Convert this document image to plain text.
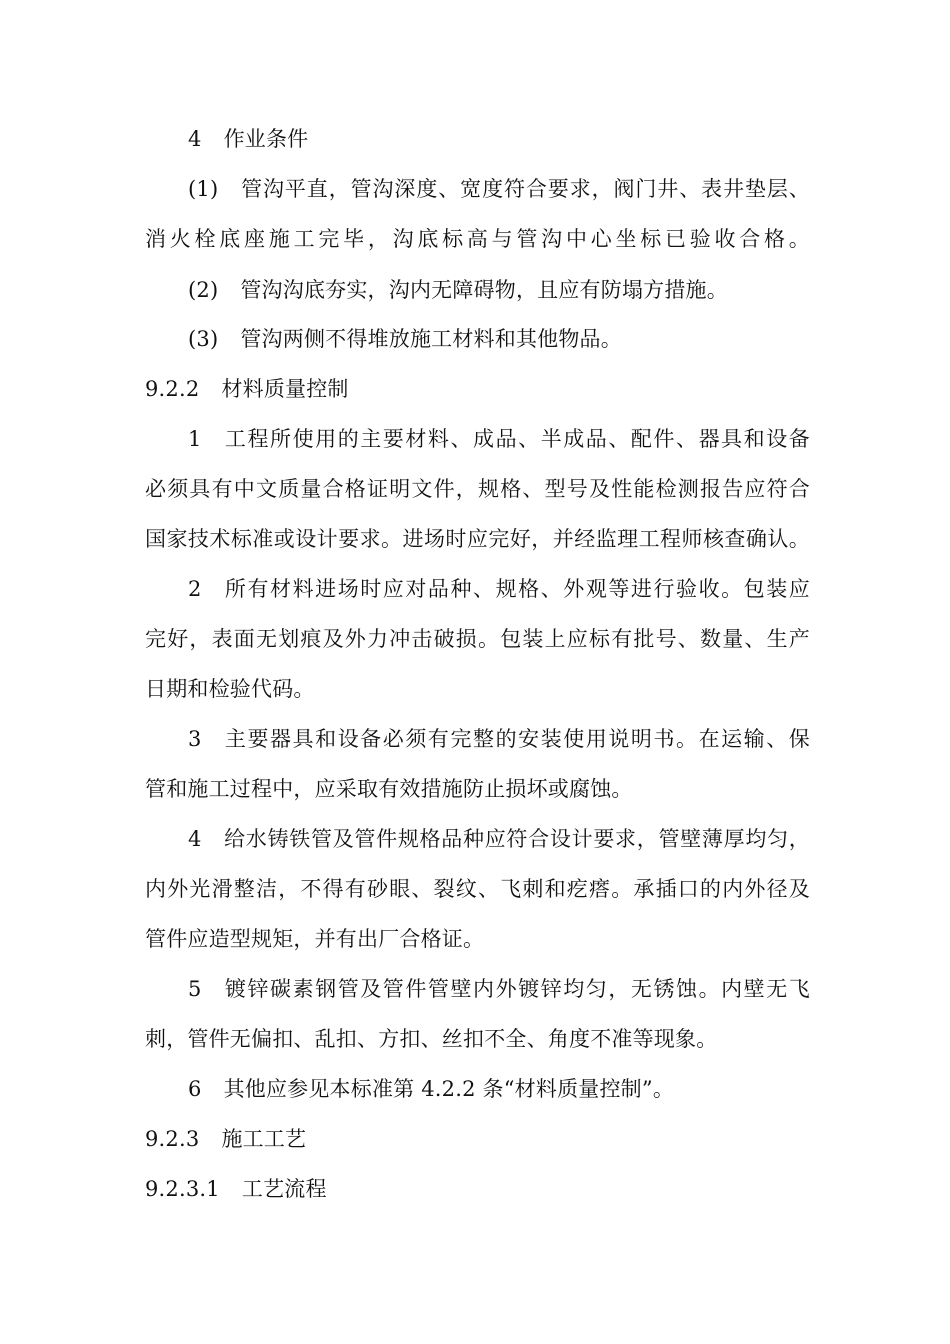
4 作业条件
(1) 管沟平直，管沟深度、宽度符合要求，阀门井、表井垫层、
消火栓底座施工完毕，沟底标高与管沟中心坐标已验收合格。
(2) 管沟沟底夯实，沟内无障碍物，且应有防塌方措施。
(3) 管沟两侧不得堆放施工材料和其他物品。
9.2.2 材料质量控制
1 工程所使用的主要材料、成品、半成品、配件、器具和设备
必须具有中文质量合格证明文件，规格、型号及性能检测报告应符合
国家技术标准或设计要求。进场时应完好，并经监理工程师核查确认。
2 所有材料进场时应对品种、规格、外观等进行验收。包装应
完好，表面无划痕及外力冲击破损。包装上应标有批号、数量、生产
日期和检验代码。
3 主要器具和设备必须有完整的安装使用说明书。在运输、保
管和施工过程中，应采取有效措施防止损坏或腐蚀。
4 给水铸铁管及管件规格品种应符合设计要求，管壁薄厚均匀，
内外光滑整洁，不得有砂眼、裂纹、飞刺和疙瘩。承插口的内外径及
管件应造型规矩，并有出厂合格证。
5 镀锌碳素钢管及管件管壁内外镀锌均匀，无锈蚀。内壁无飞
刺，管件无偏扣、乱扣、方扣、丝扣不全、角度不准等现象。
6 其他应参见本标准第 4.2.2 条“材料质量控制”。
9.2.3 施工工艺
9.2.3.1 工艺流程
